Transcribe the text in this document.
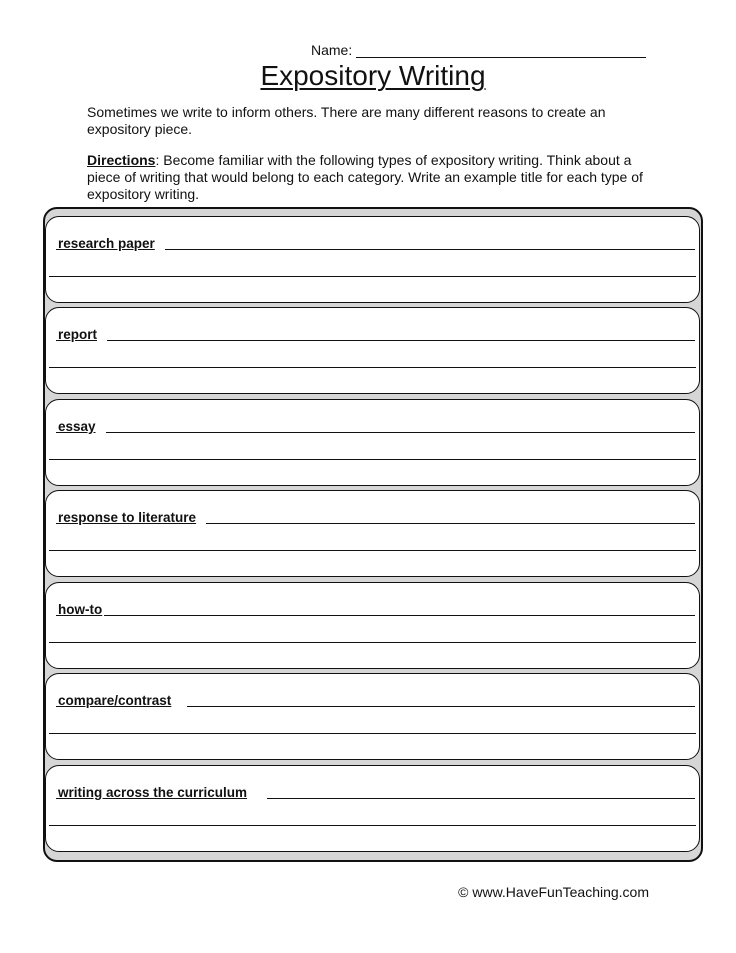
Name:
Expository Writing
Sometimes we write to inform others. There are many different reasons to create an expository piece.
Directions: Become familiar with the following types of expository writing. Think about a piece of writing that would belong to each category. Write an example title for each type of expository writing.
research paper
report
essay
response to literature
how-to
compare/contrast
writing across the curriculum
© www.HaveFunTeaching.com
